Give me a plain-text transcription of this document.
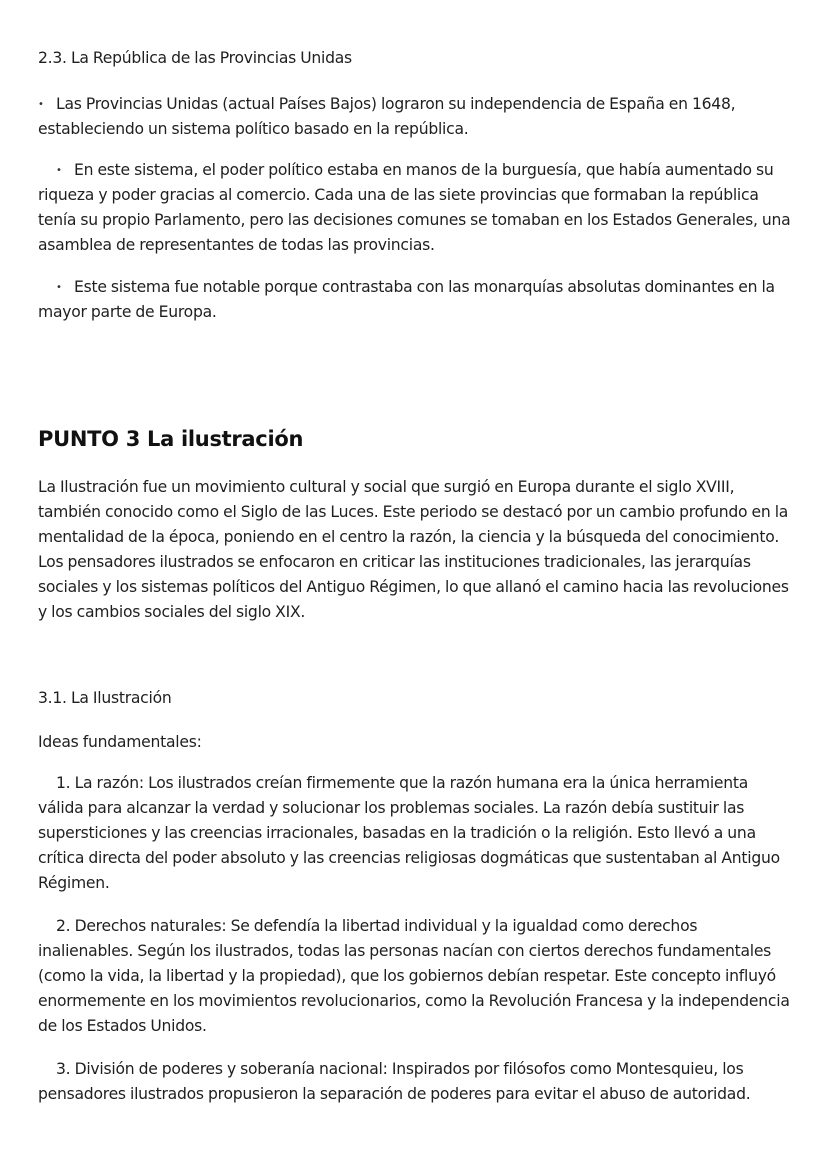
2.3. La República de las Provincias Unidas

• Las Provincias Unidas (actual Países Bajos) lograron su independencia de España en 1648, estableciendo un sistema político basado en la república.

• En este sistema, el poder político estaba en manos de la burguesía, que había aumentado su riqueza y poder gracias al comercio. Cada una de las siete provincias que formaban la república tenía su propio Parlamento, pero las decisiones comunes se tomaban en los Estados Generales, una asamblea de representantes de todas las provincias.

• Este sistema fue notable porque contrastaba con las monarquías absolutas dominantes en la mayor parte de Europa.

PUNTO 3 La ilustración

La Ilustración fue un movimiento cultural y social que surgió en Europa durante el siglo XVIII, también conocido como el Siglo de las Luces. Este periodo se destacó por un cambio profundo en la mentalidad de la época, poniendo en el centro la razón, la ciencia y la búsqueda del conocimiento. Los pensadores ilustrados se enfocaron en criticar las instituciones tradicionales, las jerarquías sociales y los sistemas políticos del Antiguo Régimen, lo que allanó el camino hacia las revoluciones y los cambios sociales del siglo XIX.

3.1. La Ilustración

Ideas fundamentales:

1. La razón: Los ilustrados creían firmemente que la razón humana era la única herramienta válida para alcanzar la verdad y solucionar los problemas sociales. La razón debía sustituir las supersticiones y las creencias irracionales, basadas en la tradición o la religión. Esto llevó a una crítica directa del poder absoluto y las creencias religiosas dogmáticas que sustentaban al Antiguo Régimen.

2. Derechos naturales: Se defendía la libertad individual y la igualdad como derechos inalienables. Según los ilustrados, todas las personas nacían con ciertos derechos fundamentales (como la vida, la libertad y la propiedad), que los gobiernos debían respetar. Este concepto influyó enormemente en los movimientos revolucionarios, como la Revolución Francesa y la independencia de los Estados Unidos.

3. División de poderes y soberanía nacional: Inspirados por filósofos como Montesquieu, los pensadores ilustrados propusieron la separación de poderes para evitar el abuso de autoridad.
